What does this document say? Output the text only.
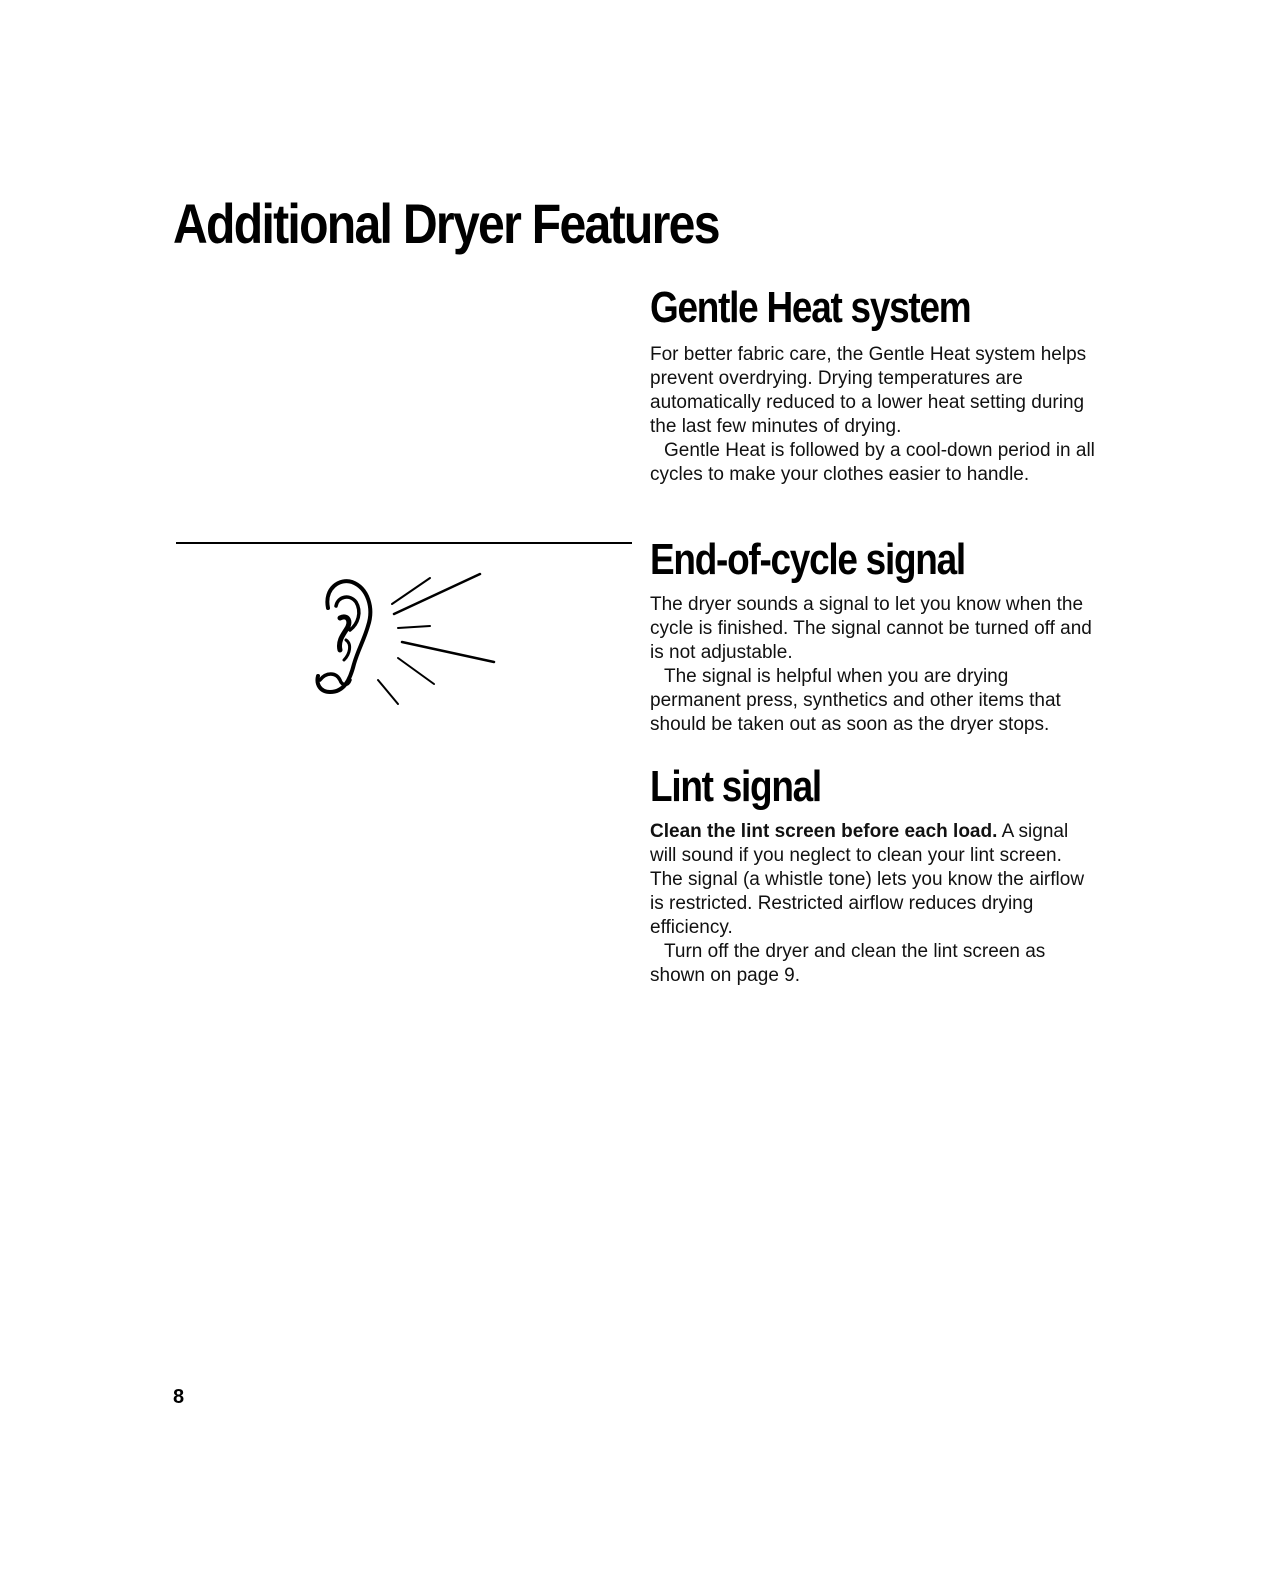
Additional Dryer Features
Gentle Heat system

For better fabric care, the Gentle Heat system helps prevent overdrying. Drying temperatures are automatically reduced to a lower heat setting during the last few minutes of drying.

Gentle Heat is followed by a cool-down period in all cycles to make your clothes easier to handle.

End-of-cycle signal

The dryer sounds a signal to let you know when the cycle is finished. The signal cannot be turned off and is not adjustable.

The signal is helpful when you are drying permanent press, synthetics and other items that should be taken out as soon as the dryer stops.

Lint signal

Clean the lint screen before each load. A signal will sound if you neglect to clean your lint screen. The signal (a whistle tone) lets you know the airflow is restricted. Restricted airflow reduces drying efficiency.

Turn off the dryer and clean the lint screen as shown on page 9.

8
